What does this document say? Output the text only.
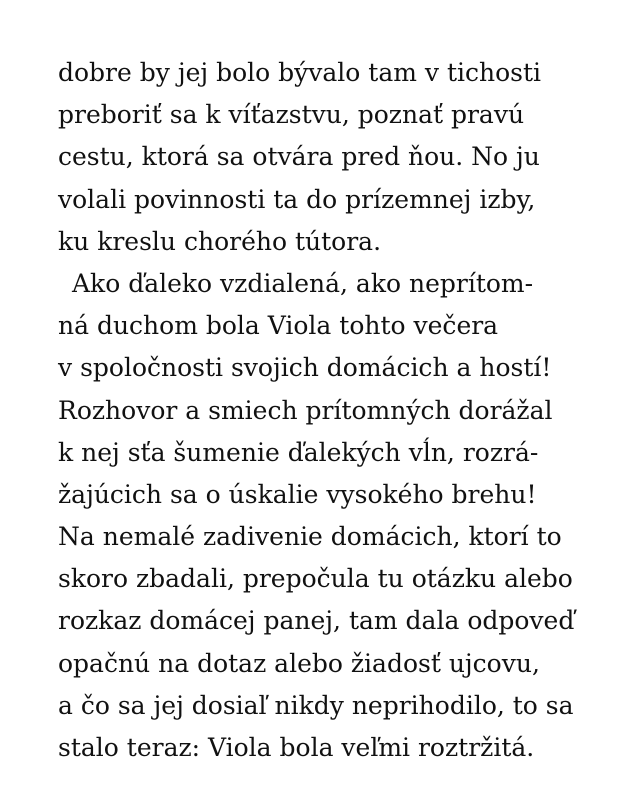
dobre by jej bolo bývalo tam v tichosti
preboriť sa k víťazstvu, poznať pravú
cestu, ktorá sa otvára pred ňou. No ju
volali povinnosti ta do prízemnej izby,
ku kreslu chorého tútora.
Ako ďaleko vzdialená, ako neprítom-
ná duchom bola Viola tohto večera
v spoločnosti svojich domácich a hostí!
Rozhovor a smiech prítomných dorážal
k nej sťa šumenie ďalekých vĺn, rozrá-
žajúcich sa o úskalie vysokého brehu!
Na nemalé zadivenie domácich, ktorí to
skoro zbadali, prepočula tu otázku alebo
rozkaz domácej panej, tam dala odpoveď
opačnú na dotaz alebo žiadosť ujcovu,
a čo sa jej dosiaľ nikdy neprihodilo, to sa
stalo teraz: Viola bola veľmi roztržitá.
